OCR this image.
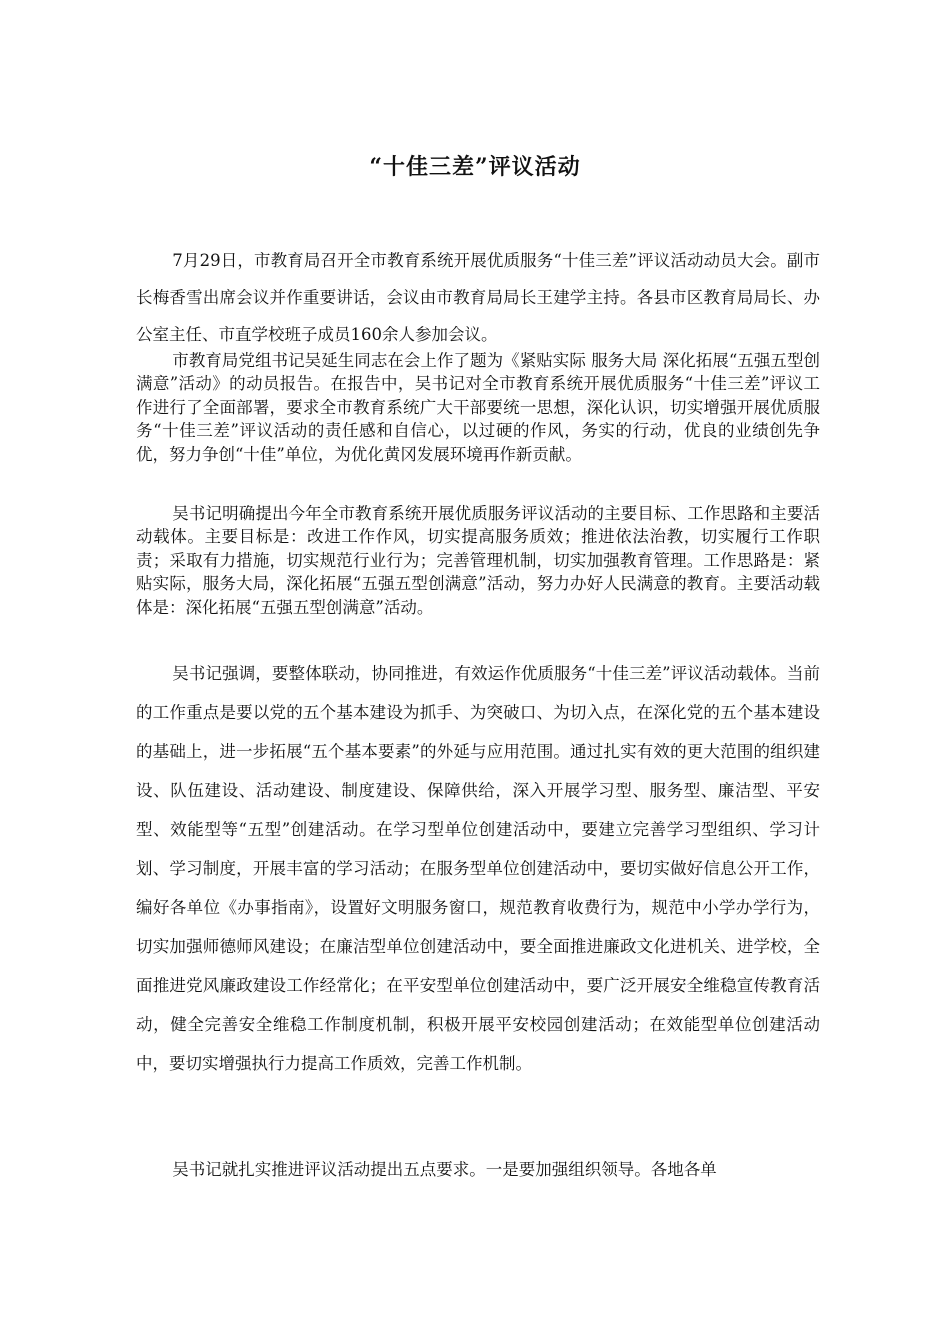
“十佳三差”评议活动

7月29日，市教育局召开全市教育系统开展优质服务“十佳三差”评议活动动员大会。副市长梅香雪出席会议并作重要讲话，会议由市教育局局长王建学主持。各县市区教育局局长、办公室主任、市直学校班子成员160余人参加会议。

市教育局党组书记吴延生同志在会上作了题为《紧贴实际 服务大局 深化拓展“五强五型创满意”活动》的动员报告。在报告中，吴书记对全市教育系统开展优质服务“十佳三差”评议工作进行了全面部署，要求全市教育系统广大干部要统一思想，深化认识，切实增强开展优质服务“十佳三差”评议活动的责任感和自信心，以过硬的作风，务实的行动，优良的业绩创先争优，努力争创“十佳”单位，为优化黄冈发展环境再作新贡献。

吴书记明确提出今年全市教育系统开展优质服务评议活动的主要目标、工作思路和主要活动载体。主要目标是：改进工作作风，切实提高服务质效；推进依法治教，切实履行工作职责；采取有力措施，切实规范行业行为；完善管理机制，切实加强教育管理。工作思路是：紧贴实际，服务大局，深化拓展“五强五型创满意”活动，努力办好人民满意的教育。主要活动载体是：深化拓展“五强五型创满意”活动。

吴书记强调，要整体联动，协同推进，有效运作优质服务“十佳三差”评议活动载体。当前的工作重点是要以党的五个基本建设为抓手、为突破口、为切入点，在深化党的五个基本建设的基础上，进一步拓展“五个基本要素”的外延与应用范围。通过扎实有效的更大范围的组织建设、队伍建设、活动建设、制度建设、保障供给，深入开展学习型、服务型、廉洁型、平安型、效能型等“五型”创建活动。在学习型单位创建活动中，要建立完善学习型组织、学习计划、学习制度，开展丰富的学习活动；在服务型单位创建活动中，要切实做好信息公开工作，编好各单位《办事指南》，设置好文明服务窗口，规范教育收费行为，规范中小学办学行为，切实加强师德师风建设；在廉洁型单位创建活动中，要全面推进廉政文化进机关、进学校，全面推进党风廉政建设工作经常化；在平安型单位创建活动中，要广泛开展安全维稳宣传教育活动，健全完善安全维稳工作制度机制，积极开展平安校园创建活动；在效能型单位创建活动中，要切实增强执行力提高工作质效，完善工作机制。

吴书记就扎实推进评议活动提出五点要求。一是要加强组织领导。各地各单
